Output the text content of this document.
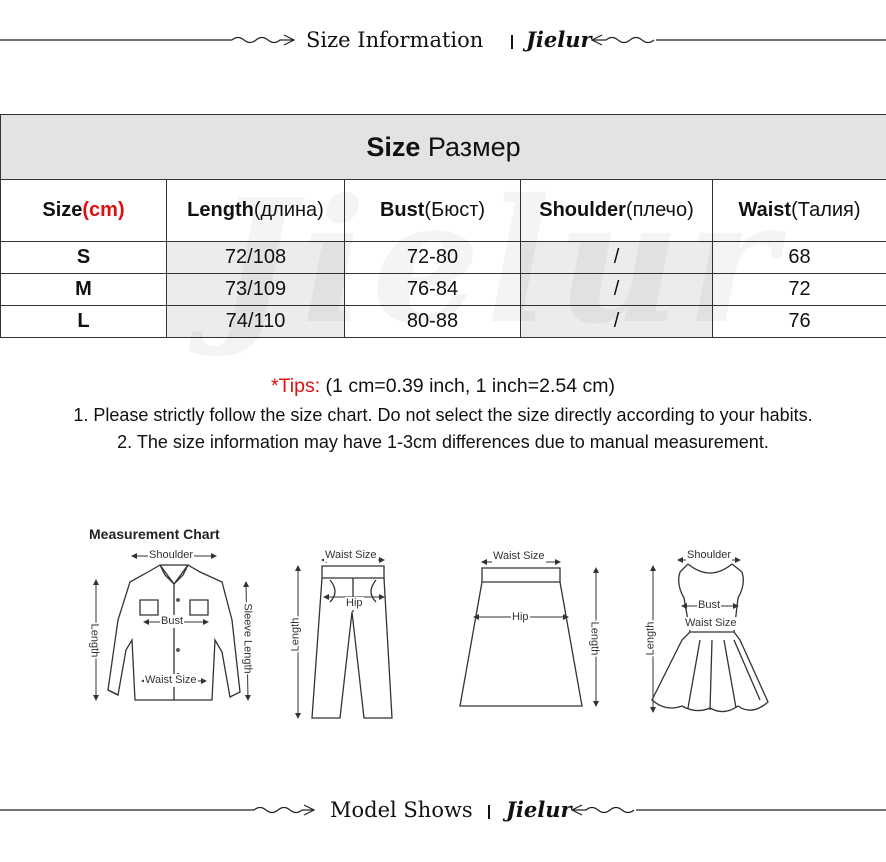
Size Information Jielur
Size Размер				
Size(cm)	Length(длина)	Bust(Бюст)	Shoulder(плечо)	Waist(Талия)
S	72/108	72-80	/	68
M	73/109	76-84	/	72
L	74/110	80-88	/	76
*Tips: (1 cm=0.39 inch, 1 inch=2.54 cm)
1. Please strictly follow the size chart. Do not select the size directly according to your habits.
2. The size information may have 1-3cm differences due to manual measurement.
Measurement Chart
Shoulder
Bust
Waist Size
Length	Sleeve Length
Waist Size
Hip
Length
Waist Size
Hip
Length
Shoulder
Bust
Waist Size
Length
Model Shows Jielur
